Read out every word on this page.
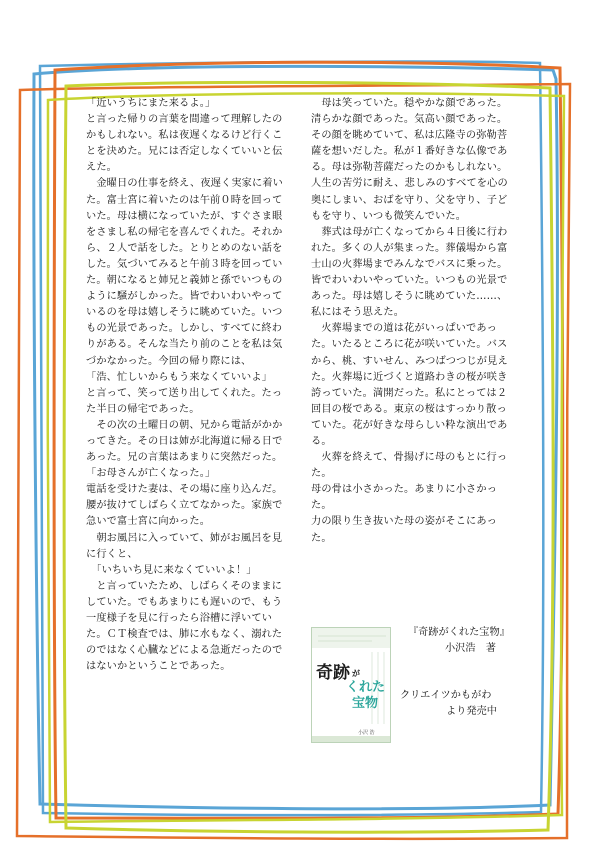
「近いうちにまた来るよ。」

と言った帰りの言葉を間違って理解したのかもしれない。私は夜遅くなるけど行くことを決めた。兄には否定しなくていいと伝えた。

　金曜日の仕事を終え、夜遅く実家に着いた。富士宮に着いたのは午前０時を回っていた。母は横になっていたが、すぐさま眼をさまし私の帰宅を喜んでくれた。それから、２人で話をした。とりとめのない話をした。気づいてみると午前３時を回っていた。朝になると姉兄と義姉と孫でいつものように騒がしかった。皆でわいわいやっているのを母は嬉しそうに眺めていた。いつもの光景であった。しかし、すべてに終わりがある。そんな当たり前のことを私は気づかなかった。今回の帰り際には、

「浩、忙しいからもう来なくていいよ」

と言って、笑って送り出してくれた。たった半日の帰宅であった。

　その次の土曜日の朝、兄から電話がかかってきた。その日は姉が北海道に帰る日であった。兄の言葉はあまりに突然だった。

「お母さんが亡くなった。」

電話を受けた妻は、その場に座り込んだ。腰が抜けてしばらく立てなかった。家族で急いで富士宮に向かった。

　朝お風呂に入っていて、姉がお風呂を見に行くと、

　「いちいち見に来なくていいよ！」

　と言っていたため、しばらくそのままにしていた。でもあまりにも遅いので、もう一度様子を見に行ったら浴槽に浮いていた。ＣＴ検査では、肺に水もなく、溺れたのではなく心臓などによる急逝だったのではないかということであった。

　母は笑っていた。穏やかな顔であった。清らかな顔であった。気高い顔であった。その顔を眺めていて、私は広隆寺の弥勒菩薩を想いだした。私が１番好きな仏像である。母は弥勒菩薩だったのかもしれない。人生の苦労に耐え、悲しみのすべてを心の奥にしまい、おばを守り、父を守り、子どもを守り、いつも微笑んでいた。

　葬式は母が亡くなってから４日後に行われた。多くの人が集まった。葬儀場から富士山の火葬場までみんなでバスに乗った。皆でわいわいやっていた。いつもの光景であった。母は嬉しそうに眺めていた……、私にはそう思えた。

　火葬場までの道は花がいっぱいであった。いたるところに花が咲いていた。バスから、桃、すいせん、みつばつつじが見えた。火葬場に近づくと道路わきの桜が咲き誇っていた。満開だった。私にとっては２回目の桜である。東京の桜はすっかり散っていた。花が好きな母らしい粋な演出である。

　火葬を終えて、骨揚げに母のもとに行った。

母の骨は小さかった。あまりに小さかった。

力の限り生き抜いた母の姿がそこにあった。

奇跡 が
くれた
宝物
小沢 浩
『奇跡がくれた宝物』
小沢浩　著
クリエイツかもがわ
より発売中
